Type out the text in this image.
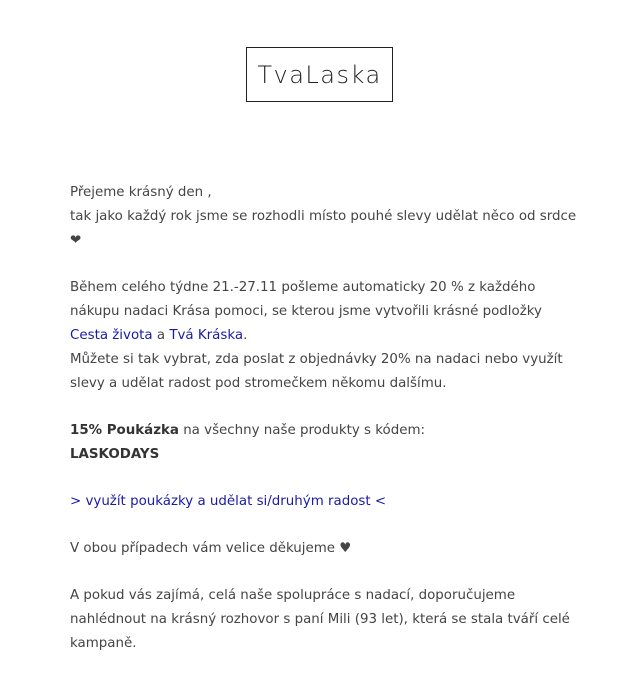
TvaLaska

Přejeme krásný den ,
tak jako každý rok jsme se rozhodli místo pouhé slevy udělat něco od srdce ❤

Během celého týdne 21.-27.11 pošleme automaticky 20 % z každého nákupu nadaci Krása pomoci, se kterou jsme vytvořili krásné podložky Cesta života a Tvá Kráska.
Můžete si tak vybrat, zda poslat z objednávky 20% na nadaci nebo využít slevy a udělat radost pod stromečkem někomu dalšímu.

15% Poukázka na všechny naše produkty s kódem:
LASKODAYS

> využít poukázky a udělat si/druhým radost <

V obou případech vám velice děkujeme ♥

A pokud vás zajímá, celá naše spolupráce s nadací, doporučujeme nahlédnout na krásný rozhovor s paní Mili (93 let), která se stala tváří celé kampaně.
